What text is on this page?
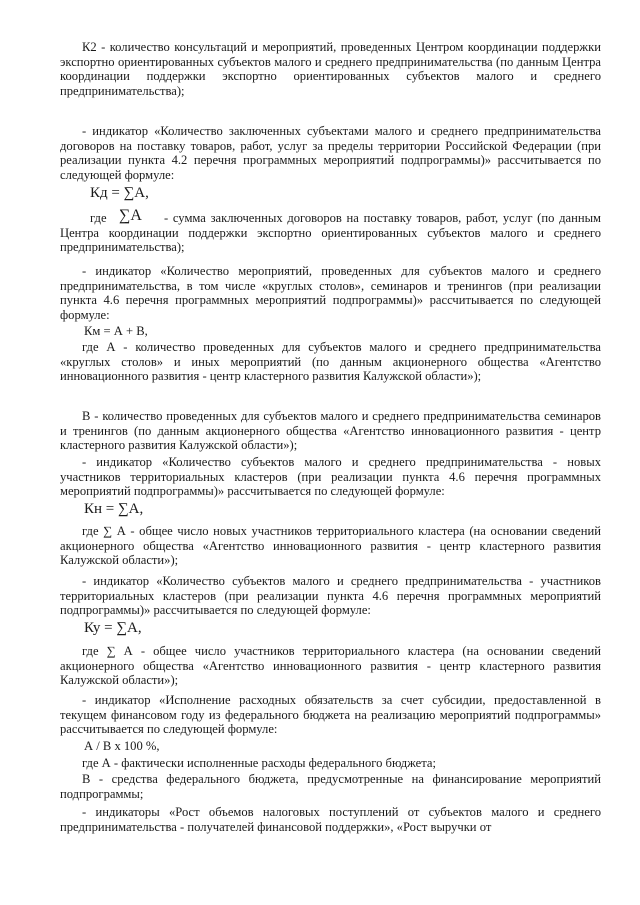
К2 - количество консультаций и мероприятий, проведенных Центром координации поддержки экспортно ориентированных субъектов малого и среднего предпринимательства (по данным Центра координации поддержки экспортно ориентированных субъектов малого и среднего предпринимательства);

- индикатор «Количество заключенных субъектами малого и среднего предпринимательства договоров на поставку товаров, работ, услуг за пределы территории Российской Федерации (при реализации пункта 4.2 перечня программных мероприятий подпрограммы)» рассчитывается по следующей формуле:

Кд = ∑А,
где ∑А	- сумма заключенных договоров на поставку товаров, работ, услуг (по данным Центра координации поддержки экспортно ориентированных субъектов малого и среднего предпринимательства);

- индикатор «Количество мероприятий, проведенных для субъектов малого и среднего предпринимательства, в том числе «круглых столов», семинаров и тренингов (при реализации пункта 4.6 перечня программных мероприятий подпрограммы)» рассчитывается по следующей формуле:

Км = А + В,

где А - количество проведенных для субъектов малого и среднего предпринимательства «круглых столов» и иных мероприятий (по данным акционерного общества «Агентство инновационного развития - центр кластерного развития Калужской области»);

В - количество проведенных для субъектов малого и среднего предпринимательства семинаров и тренингов (по данным акционерного общества «Агентство инновационного развития - центр кластерного развития Калужской области»);

- индикатор «Количество субъектов малого и среднего предпринимательства - новых участников территориальных кластеров (при реализации пункта 4.6 перечня программных мероприятий подпрограммы)» рассчитывается по следующей формуле:

Кн = ∑А,

где ∑ А - общее число новых участников территориального кластера (на основании сведений акционерного общества «Агентство инновационного развития - центр кластерного развития Калужской области»);

- индикатор «Количество субъектов малого и среднего предпринимательства - участников территориальных кластеров (при реализации пункта 4.6 перечня программных мероприятий подпрограммы)» рассчитывается по следующей формуле:

Ку = ∑А,

где ∑ А - общее число участников территориального кластера (на основании сведений акционерного общества «Агентство инновационного развития - центр кластерного развития Калужской области»);

- индикатор «Исполнение расходных обязательств за счет субсидии, предоставленной в текущем финансовом году из федерального бюджета на реализацию мероприятий подпрограммы» рассчитывается по следующей формуле:

А / В х 100 %,

где А - фактически исполненные расходы федерального бюджета;

В - средства федерального бюджета, предусмотренные на финансирование мероприятий подпрограммы;

- индикаторы «Рост объемов налоговых поступлений от субъектов малого и среднего предпринимательства - получателей финансовой поддержки», «Рост выручки от
